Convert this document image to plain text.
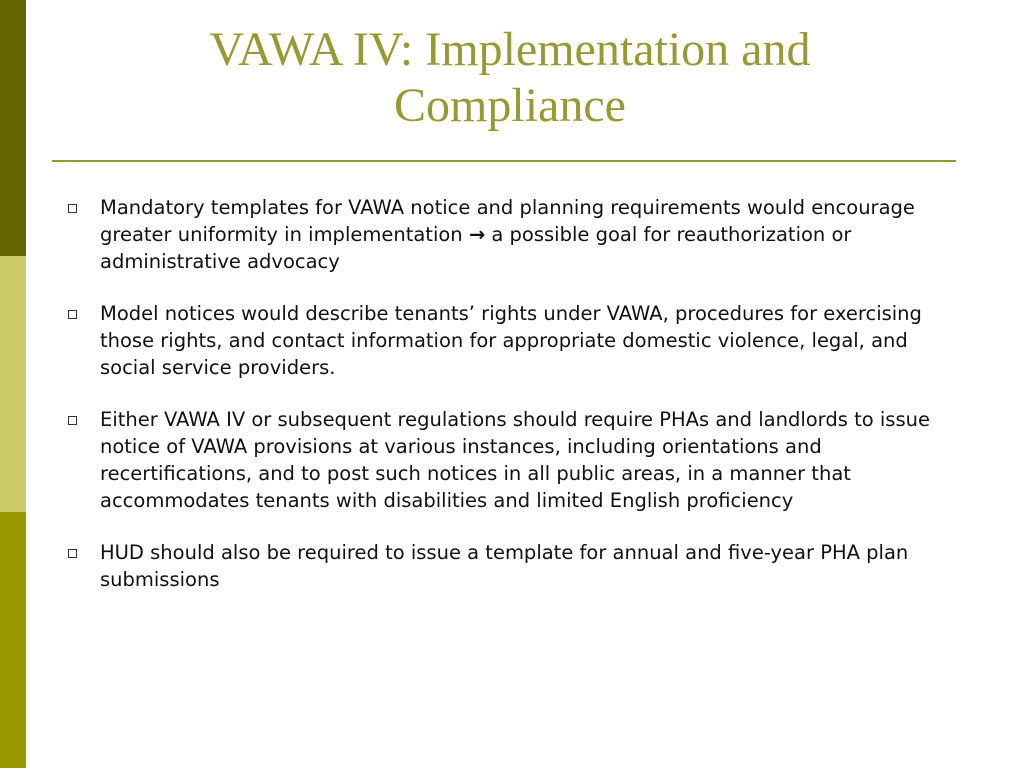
VAWA IV: Implementation and
Compliance
Mandatory templates for VAWA notice and planning requirements would encourage greater uniformity in implementation → a possible goal for reauthorization or administrative advocacy
Model notices would describe tenants’ rights under VAWA, procedures for exercising those rights, and contact information for appropriate domestic violence, legal, and social service providers.
Either VAWA IV or subsequent regulations should require PHAs and landlords to issue notice of VAWA provisions at various instances, including orientations and recertifications, and to post such notices in all public areas, in a manner that accommodates tenants with disabilities and limited English proficiency
HUD should also be required to issue a template for annual and five-year PHA plan submissions
